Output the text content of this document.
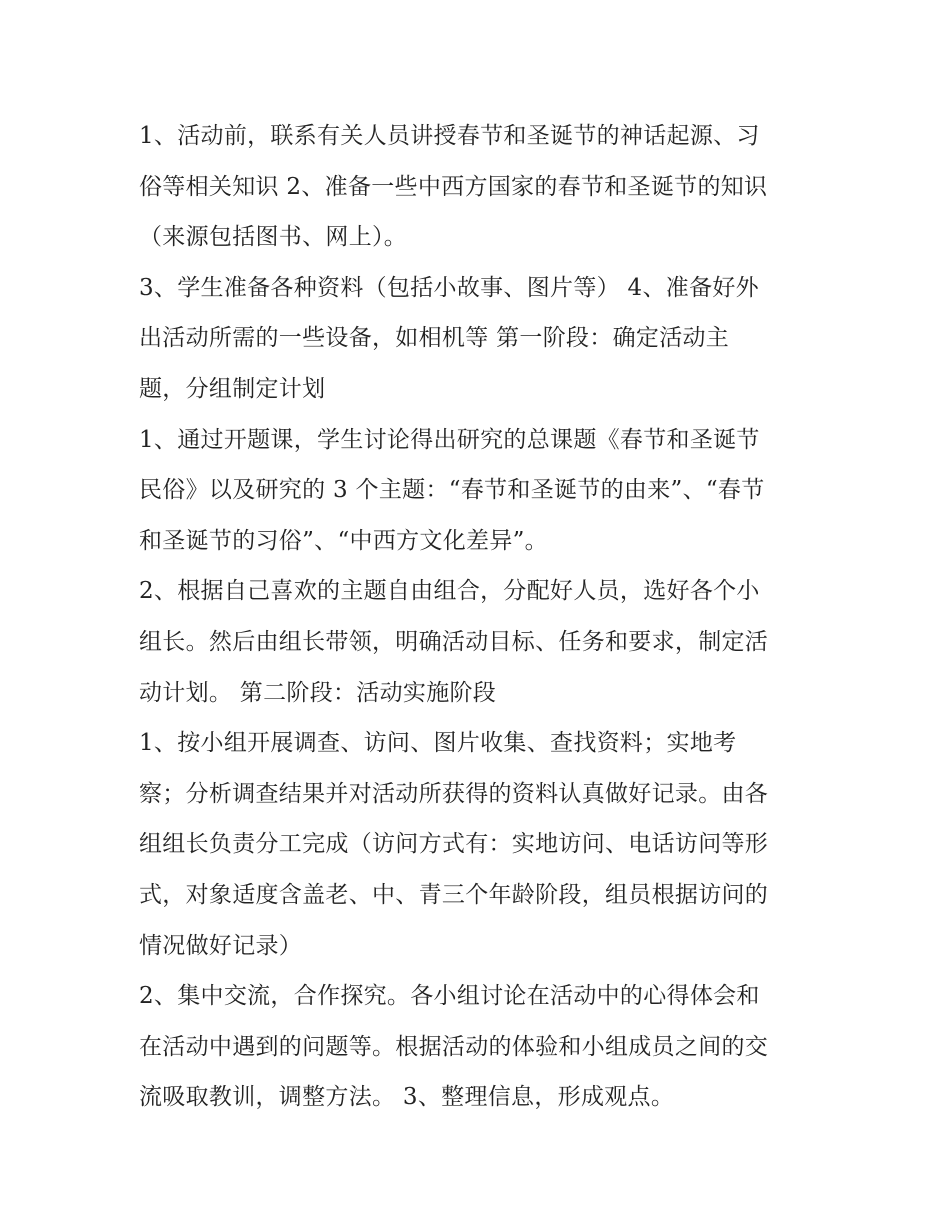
1、活动前，联系有关人员讲授春节和圣诞节的神话起源、习

俗等相关知识 2、准备一些中西方国家的春节和圣诞节的知识

（来源包括图书、网上）。

3、学生准备各种资料（包括小故事、图片等） 4、准备好外

出活动所需的一些设备，如相机等 第一阶段：确定活动主

题，分组制定计划

1、通过开题课，学生讨论得出研究的总课题《春节和圣诞节

民俗》以及研究的 3 个主题：“春节和圣诞节的由来”、“春节

和圣诞节的习俗”、“中西方文化差异”。

2、根据自己喜欢的主题自由组合，分配好人员，选好各个小

组长。然后由组长带领，明确活动目标、任务和要求，制定活

动计划。 第二阶段：活动实施阶段

1、按小组开展调查、访问、图片收集、查找资料；实地考

察；分析调查结果并对活动所获得的资料认真做好记录。由各

组组长负责分工完成（访问方式有：实地访问、电话访问等形

式，对象适度含盖老、中、青三个年龄阶段，组员根据访问的

情况做好记录）

2、集中交流，合作探究。各小组讨论在活动中的心得体会和

在活动中遇到的问题等。根据活动的体验和小组成员之间的交

流吸取教训，调整方法。 3、整理信息，形成观点。
